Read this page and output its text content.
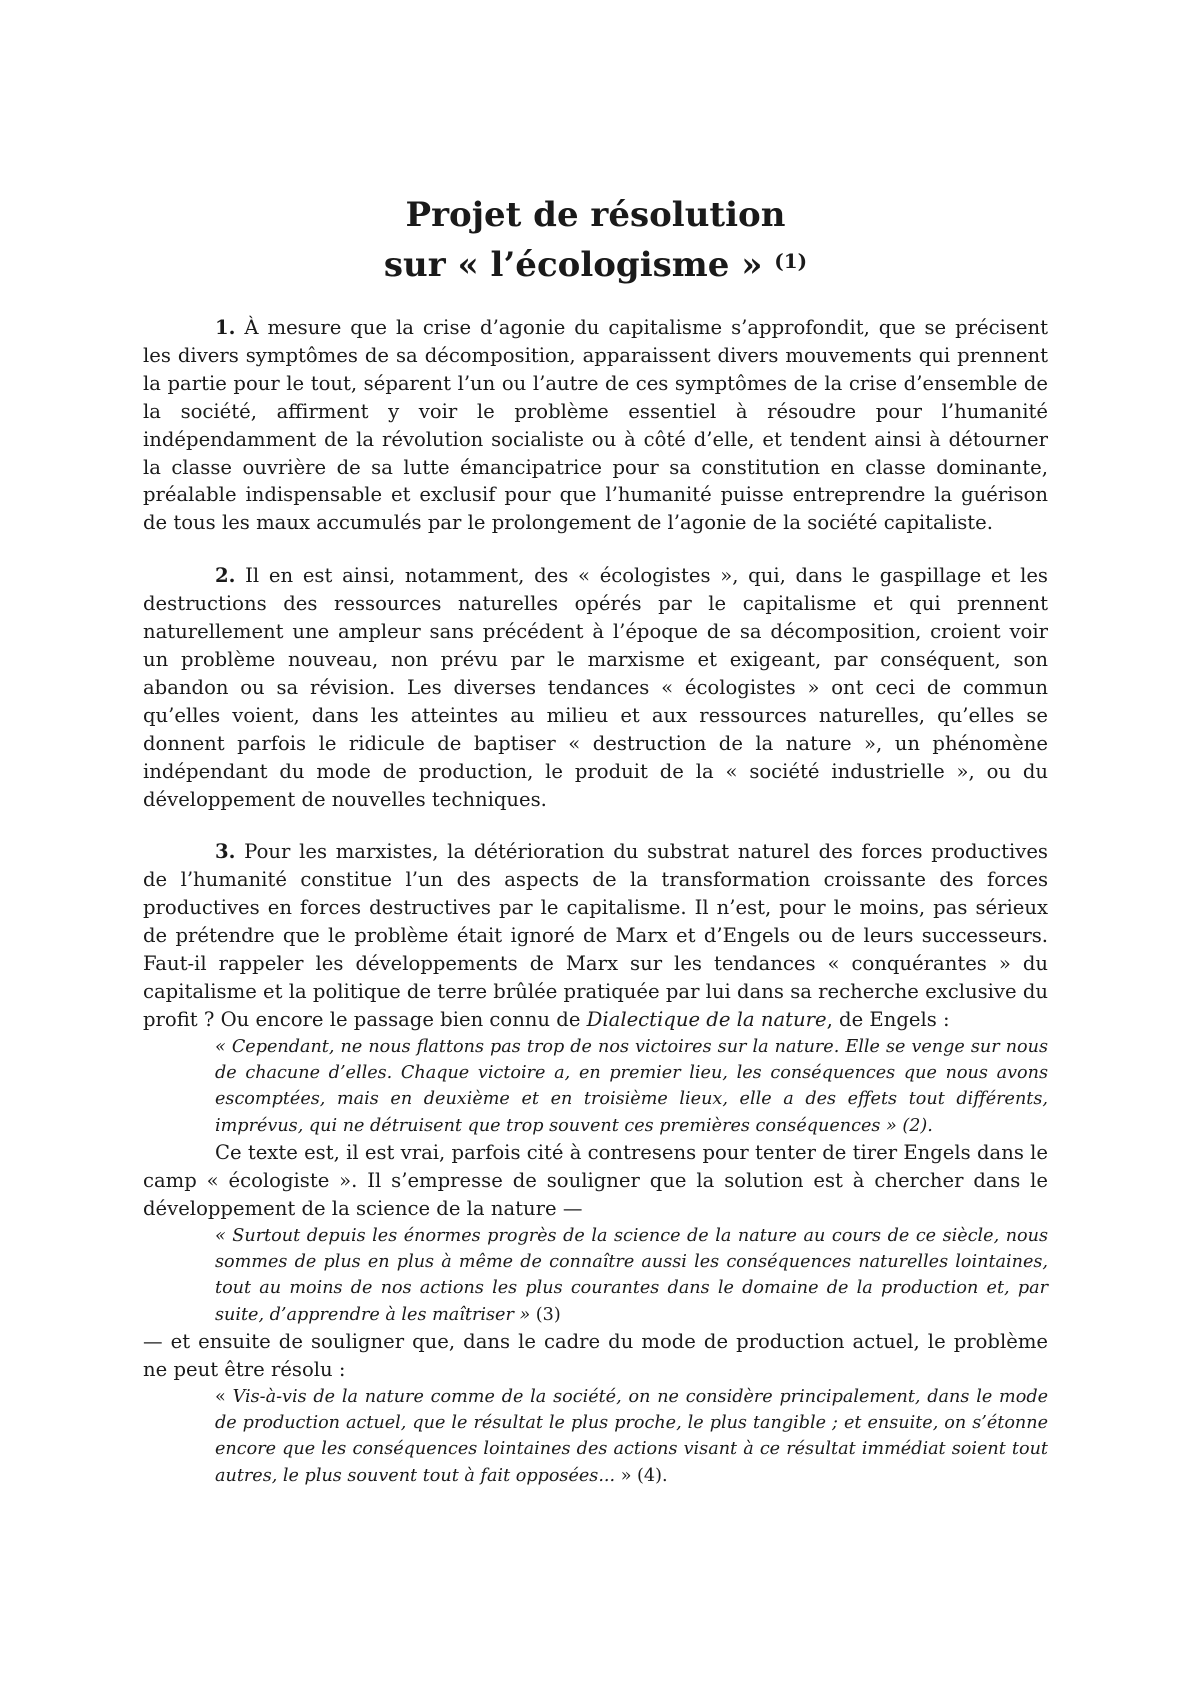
Projet de résolution
sur « l’écologisme » $^{(1)}$

1. À mesure que la crise d’agonie du capitalisme s’approfondit, que se précisent les divers symptômes de sa décomposition, apparaissent divers mouvements qui prennent la partie pour le tout, séparent l’un ou l’autre de ces symptômes de la crise d’ensemble de la société, affirment y voir le problème essentiel à résoudre pour l’humanité indépendamment de la révolution socialiste ou à côté d’elle, et tendent ainsi à détourner la classe ouvrière de sa lutte émancipatrice pour sa constitution en classe dominante, préalable indispensable et exclusif pour que l’humanité puisse entreprendre la guérison de tous les maux accumulés par le prolongement de l’agonie de la société capitaliste.

2. Il en est ainsi, notamment, des « écologistes », qui, dans le gaspillage et les destructions des ressources naturelles opérés par le capitalisme et qui prennent naturellement une ampleur sans précédent à l’époque de sa décomposition, croient voir un problème nouveau, non prévu par le marxisme et exigeant, par conséquent, son abandon ou sa révision. Les diverses tendances « écologistes » ont ceci de commun qu’elles voient, dans les atteintes au milieu et aux ressources naturelles, qu’elles se donnent parfois le ridicule de baptiser « destruction de la nature », un phénomène indépendant du mode de production, le produit de la « société industrielle », ou du développement de nouvelles techniques.

3. Pour les marxistes, la détérioration du substrat naturel des forces productives de l’humanité constitue l’un des aspects de la transformation croissante des forces productives en forces destructives par le capitalisme. Il n’est, pour le moins, pas sérieux de prétendre que le problème était ignoré de Marx et d’Engels ou de leurs successeurs. Faut-il rappeler les développements de Marx sur les tendances « conquérantes » du capitalisme et la politique de terre brûlée pratiquée par lui dans sa recherche exclusive du profit ? Ou encore le passage bien connu de Dialectique de la nature, de Engels :

« Cependant, ne nous flattons pas trop de nos victoires sur la nature. Elle se venge sur nous de chacune d’elles. Chaque victoire a, en premier lieu, les conséquences que nous avons escomptées, mais en deuxième et en troisième lieux, elle a des effets tout différents, imprévus, qui ne détruisent que trop souvent ces premières conséquences » (2).

Ce texte est, il est vrai, parfois cité à contresens pour tenter de tirer Engels dans le camp « écologiste ». Il s’empresse de souligner que la solution est à chercher dans le développement de la science de la nature —

« Surtout depuis les énormes progrès de la science de la nature au cours de ce siècle, nous sommes de plus en plus à même de connaître aussi les conséquences naturelles lointaines, tout au moins de nos actions les plus courantes dans le domaine de la production et, par suite, d’apprendre à les maîtriser » (3)

— et ensuite de souligner que, dans le cadre du mode de production actuel, le problème ne peut être résolu :

« Vis-à-vis de la nature comme de la société, on ne considère principalement, dans le mode de production actuel, que le résultat le plus proche, le plus tangible ; et ensuite, on s’étonne encore que les conséquences lointaines des actions visant à ce résultat immédiat soient tout autres, le plus souvent tout à fait opposées... » (4).
